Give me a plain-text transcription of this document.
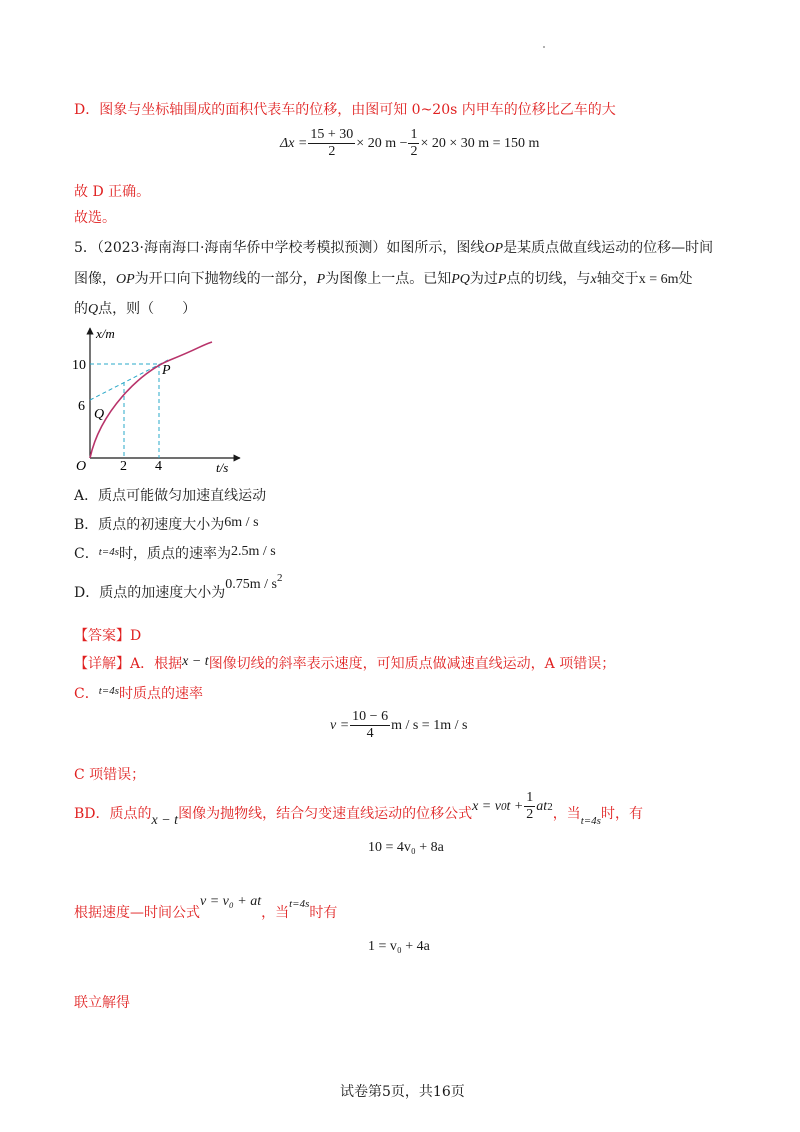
D．图象与坐标轴围成的面积代表车的位移，由图可知 0~20s 内甲车的位移比乙车的大
$\Delta x = \frac{15 + 30}{2} \times 20$ $m - \frac{1}{2} \times 20 \times 30$ m = 150 m
故 D 正确。
故选。
5．（2023·海南海口·海南华侨中学校考模拟预测）如图所示，图线OP是某质点做直线运动的位移—时间
图像，OP为开口向下抛物线的一部分，P为图像上一点。已知PQ为过P点的切线，与x轴交于x = 6m处
的Q点，则（　　）
x/m
t/s
O
10
6
2 4
P
Q
A．质点可能做匀加速直线运动
B．质点的初速度大小为6m / s
C．$^{t=4s}$时，质点的速率为2.5m / s
D．质点的加速度大小为$0.75m / s^2$
【答案】D
【详解】A．根据x − t图像切线的斜率表示速度，可知质点做减速直线运动，A 项错误；
C．$^{t=4s}$时质点的速率
$v = \frac{10 - 6}{4}$ m / s = 1m / s
C 项错误；
BD．质点的 x − t 图像为抛物线，结合匀变速直线运动的位移公式 x = v 0 $t + \frac{1}{2}$ at 2 ，当 t=4s 时，有
10 = 4v₀ + 8a
根据速度—时间公式v = v₀ + at，当$^{t=4s}$时有
1 = v₀ + 4a
联立解得
试卷第5页，共16页
